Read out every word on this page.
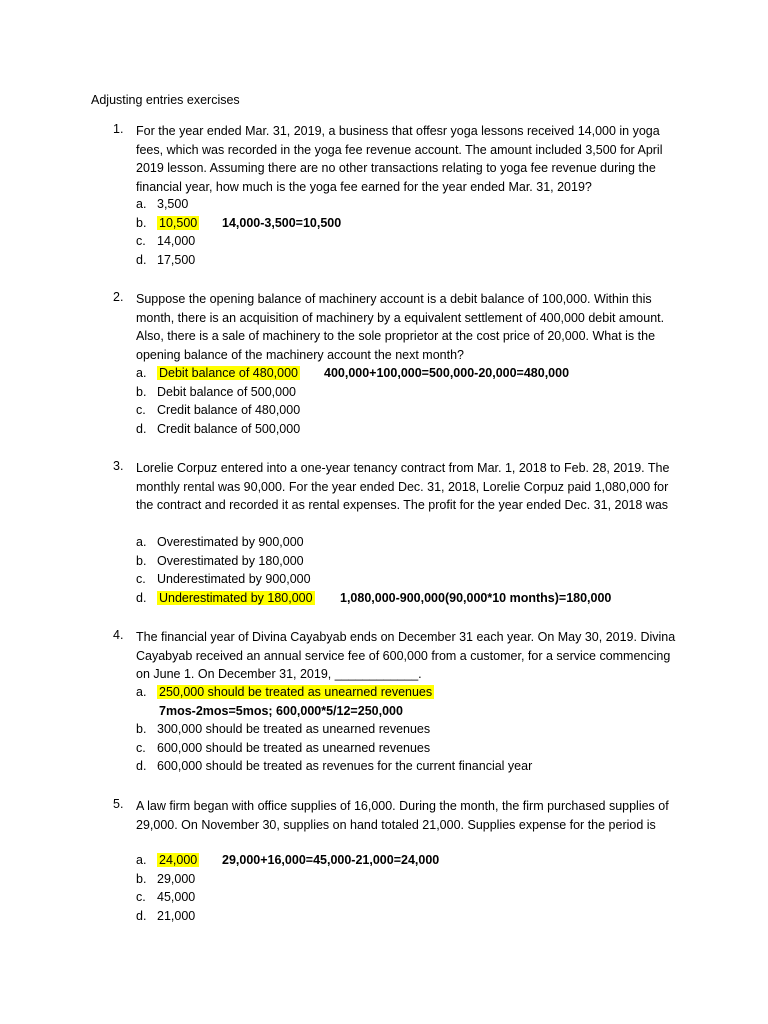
Adjusting entries exercises
1. For the year ended Mar. 31, 2019, a business that offesr yoga lessons received 14,000 in yoga fees, which was recorded in the yoga fee revenue account. The amount included 3,500 for April 2019 lesson. Assuming there are no other transactions relating to yoga fee revenue during the financial year, how much is the yoga fee earned for the year ended Mar. 31, 2019?
a. 3,500
b. 10,500 14,000-3,500=10,500
c. 14,000
d. 17,500
2. Suppose the opening balance of machinery account is a debit balance of 100,000. Within this month, there is an acquisition of machinery by a equivalent settlement of 400,000 debit amount. Also, there is a sale of machinery to the sole proprietor at the cost price of 20,000. What is the opening balance of the machinery account the next month?
a. Debit balance of 480,000 400,000+100,000=500,000-20,000=480,000
b. Debit balance of 500,000
c. Credit balance of 480,000
d. Credit balance of 500,000
3. Lorelie Corpuz entered into a one-year tenancy contract from Mar. 1, 2018 to Feb. 28, 2019. The monthly rental was 90,000. For the year ended Dec. 31, 2018, Lorelie Corpuz paid 1,080,000 for the contract and recorded it as rental expenses. The profit for the year ended Dec. 31, 2018 was
a. Overestimated by 900,000
b. Overestimated by 180,000
c. Underestimated by 900,000
d. Underestimated by 180,000 1,080,000-900,000(90,000*10 months)=180,000
4. The financial year of Divina Cayabyab ends on December 31 each year. On May 30, 2019. Divina Cayabyab received an annual service fee of 600,000 from a customer, for a service commencing on June 1. On December 31, 2019, ____________.
a. 250,000 should be treated as unearned revenues
7mos-2mos=5mos; 600,000*5/12=250,000
b. 300,000 should be treated as unearned revenues
c. 600,000 should be treated as unearned revenues
d. 600,000 should be treated as revenues for the current financial year
5. A law firm began with office supplies of 16,000. During the month, the firm purchased supplies of 29,000. On November 30, supplies on hand totaled 21,000. Supplies expense for the period is
a. 24,000 29,000+16,000=45,000-21,000=24,000
b. 29,000
c. 45,000
d. 21,000
